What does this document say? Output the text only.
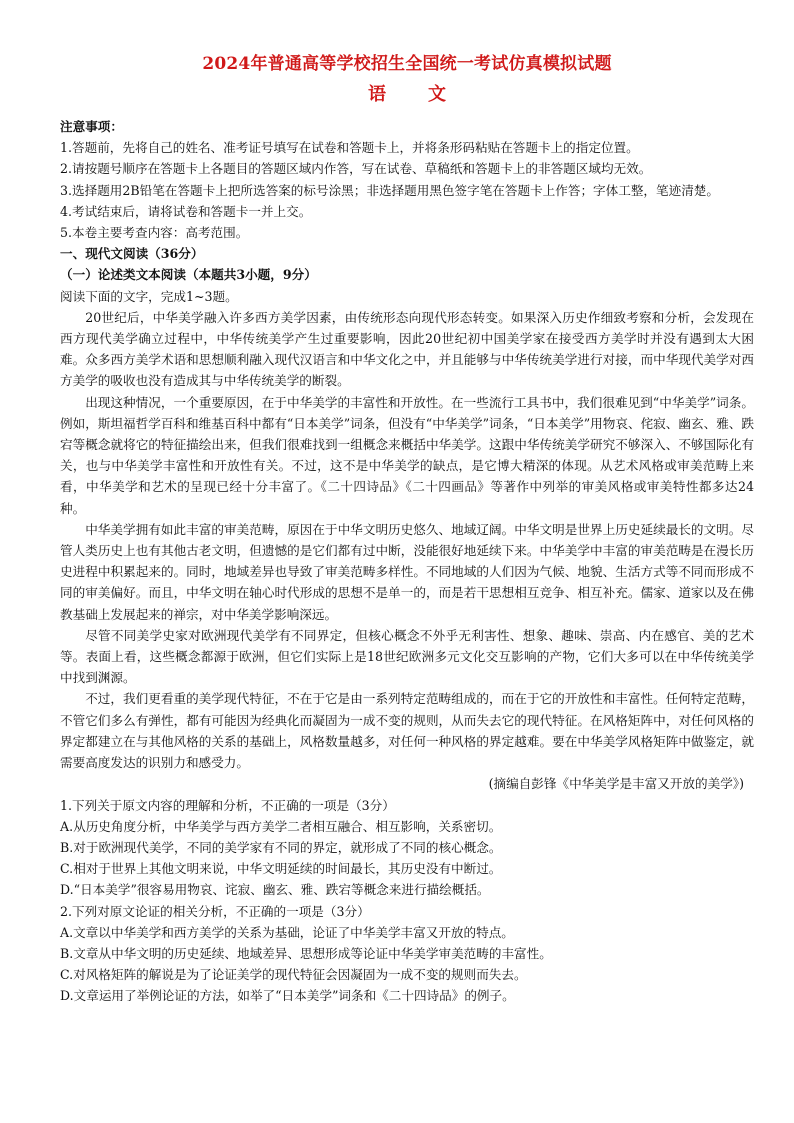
2024年普通高等学校招生全国统一考试仿真模拟试题
语 文

注意事项：

1.答题前，先将自己的姓名、准考证号填写在试卷和答题卡上，并将条形码粘贴在答题卡上的指定位置。

2.请按题号顺序在答题卡上各题目的答题区域内作答，写在试卷、草稿纸和答题卡上的非答题区域均无效。

3.选择题用2B铅笔在答题卡上把所选答案的标号涂黑；非选择题用黑色签字笔在答题卡上作答；字体工整，笔迹清楚。

4.考试结束后，请将试卷和答题卡一并上交。

5.本卷主要考查内容：高考范围。

一、现代文阅读（36分）

（一）论述类文本阅读（本题共3小题，9分）

阅读下面的文字，完成1~3题。

20世纪后，中华美学融入许多西方美学因素，由传统形态向现代形态转变。如果深入历史作细致考察和分析，会发现在西方现代美学确立过程中，中华传统美学产生过重要影响，因此20世纪初中国美学家在接受西方美学时并没有遇到太大困难。众多西方美学术语和思想顺利融入现代汉语言和中华文化之中，并且能够与中华传统美学进行对接，而中华现代美学对西方美学的吸收也没有造成其与中华传统美学的断裂。

出现这种情况，一个重要原因，在于中华美学的丰富性和开放性。在一些流行工具书中，我们很难见到“中华美学”词条。例如，斯坦福哲学百科和维基百科中都有“日本美学”词条，但没有“中华美学”词条，“日本美学”用物哀、侘寂、幽玄、雅、跌宕等概念就将它的特征描绘出来，但我们很难找到一组概念来概括中华美学。这跟中华传统美学研究不够深入、不够国际化有关，也与中华美学丰富性和开放性有关。不过，这不是中华美学的缺点，是它博大精深的体现。从艺术风格或审美范畴上来看，中华美学和艺术的呈现已经十分丰富了。《二十四诗品》《二十四画品》等著作中列举的审美风格或审美特性都多达24种。

中华美学拥有如此丰富的审美范畴，原因在于中华文明历史悠久、地域辽阔。中华文明是世界上历史延续最长的文明。尽管人类历史上也有其他古老文明，但遗憾的是它们都有过中断，没能很好地延续下来。中华美学中丰富的审美范畴是在漫长历史进程中积累起来的。同时，地域差异也导致了审美范畴多样性。不同地域的人们因为气候、地貌、生活方式等不同而形成不同的审美偏好。而且，中华文明在轴心时代形成的思想不是单一的，而是若干思想相互竞争、相互补充。儒家、道家以及在佛教基础上发展起来的禅宗，对中华美学影响深远。

尽管不同美学史家对欧洲现代美学有不同界定，但核心概念不外乎无利害性、想象、趣味、崇高、内在感官、美的艺术等。表面上看，这些概念都源于欧洲，但它们实际上是18世纪欧洲多元文化交互影响的产物，它们大多可以在中华传统美学中找到渊源。

不过，我们更看重的美学现代特征，不在于它是由一系列特定范畴组成的，而在于它的开放性和丰富性。任何特定范畴，不管它们多么有弹性，都有可能因为经典化而凝固为一成不变的规则，从而失去它的现代特征。在风格矩阵中，对任何风格的界定都建立在与其他风格的关系的基础上，风格数量越多，对任何一种风格的界定越难。要在中华美学风格矩阵中做鉴定，就需要高度发达的识别力和感受力。

(摘编自彭锋《中华美学是丰富又开放的美学》)

1.下列关于原文内容的理解和分析，不正确的一项是（3分）

A.从历史角度分析，中华美学与西方美学二者相互融合、相互影响，关系密切。

B.对于欧洲现代美学，不同的美学家有不同的界定，就形成了不同的核心概念。

C.相对于世界上其他文明来说，中华文明延续的时间最长，其历史没有中断过。

D.“日本美学”很容易用物哀、诧寂、幽玄、雅、跌宕等概念来进行描绘概括。

2.下列对原文论证的相关分析，不正确的一项是（3分）

A.文章以中华美学和西方美学的关系为基础，论证了中华美学丰富又开放的特点。

B.文章从中华文明的历史延续、地域差异、思想形成等论证中华美学审美范畴的丰富性。

C.对风格矩阵的解说是为了论证美学的现代特征会因凝固为一成不变的规则而失去。

D.文章运用了举例论证的方法，如举了“日本美学”词条和《二十四诗品》的例子。
